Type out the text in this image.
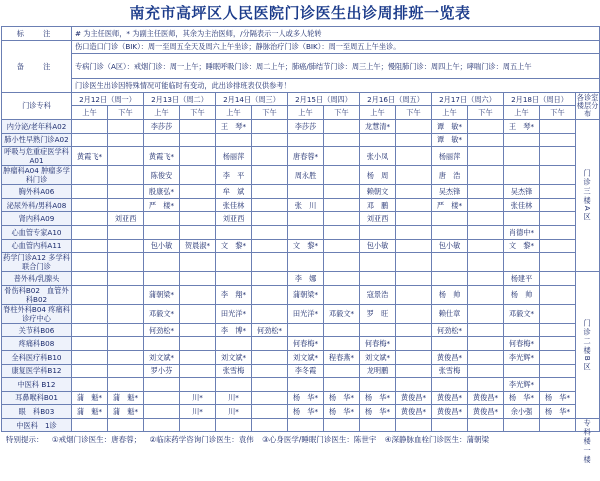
南充市高坪区人民医院门诊医生出诊周排班一览表
标　注	# 为主任医师，* 为副主任医师，其余为主治医师，/分隔表示一人或多人轮转														
备　注	伤口造口门诊（BIK）：周一至周五全天及周六上午坐诊；静脉治疗门诊（BIK）：周一至周五上午坐诊。														
	专病门诊（A区）：戒烟门诊：周一上午；睡眠呼吸门诊：周二上午；肺癌/肺结节门诊：周三上午；慢阻肺门诊：周四上午；哮喘门诊：周五上午														
	门诊医生出诊因特殊情况可能临时有变动，此出诊排班表仅供参考！														
门诊专科	2月12日（周一）		2月13日（周二）		2月14日（周三）		2月15日（周四）		2月16日（周五）		2月17日（周六）		2月18日（周日）		各诊室楼层分布
	上午	下午	上午	下午	上午	下午	上午	下午	上午	下午	上午	下午	上午	下午	
内分泌/老年科A02			李莎莎		王　琴*		李莎莎		龙慧清*		谭　敏*		王　琴*		门诊三楼A区
肺小性早熟门诊A02											谭　敏*				
呼吸与危重症医学科 A01	黄霞飞*		黄霞飞*		杨丽萍		唐春蓉*		张小凤		杨丽萍				
肿瘤科A04 肿瘤多学科门诊			陈俊安		李　平		周永胜		杨　周		唐　浩				
胸外科A06			殷康弘*		牟　斌				赖朝文		吴杰锋		吴杰锋		
泌尿外科/男科A08			严　楼*		张佳林		张　川		邓　鹏		严　楼*		张佳林		
肾内科A09		刘亚西			刘亚西				刘亚西						
心血管专家A10													肖德中*		
心血管内科A11			包小敏	贺晨淑*	文　黎*		文　黎*		包小敏		包小敏		文　黎*		
药学门诊A12 多学科联合门诊															
普外科/乳腺头							李　娜						杨建平		门诊二楼B区
骨伤科B02　血管外科B02			蒲朝梁*		李　翔*		蒲朝梁*		寇景浩		杨　帅		杨　帅		
脊柱外科B04 疼痛科诊疗中心			邓毅文*		田光洋*		田光洋*	邓毅文*	罗　旺		赖仕章		邓毅文*		
关节科B06			何劲松*		李　博*	何劲松*					何劲松*				
疼痛科B08							何春梅*		何春梅*				何春梅*		
全科医疗科B10			刘文斌*		刘文斌*		刘文斌*	程春燕*	刘文斌*		黄俊昌*		李光辉*		
康复医学科B12			罗小芬		张雪梅		李冬霞		龙明鹏		张雪梅				
中医科 B12													李光辉*		
耳鼻喉科B01	蒲　魁*	蒲　魁*		川*	川*		杨　华*	杨　华*	杨　华*	黄俊昌*	黄俊昌*	黄俊昌*	杨　华*	杨　华*	
眼　科B03	蒲　魁*	蒲　魁*		川*	川*		杨　华*	杨　华*	杨　华*	黄俊昌*	黄俊昌*	黄俊昌*	余小强	杨　华*	
中医科　1诊															专科楼一楼
特别提示： ①戒烟门诊医生：唐春蓉； ②临床药学咨询门诊医生：袁伟 ③心身医学/睡眠门诊医生：陈世宇 ④深静脉血栓门诊医生：蒲朝梁
